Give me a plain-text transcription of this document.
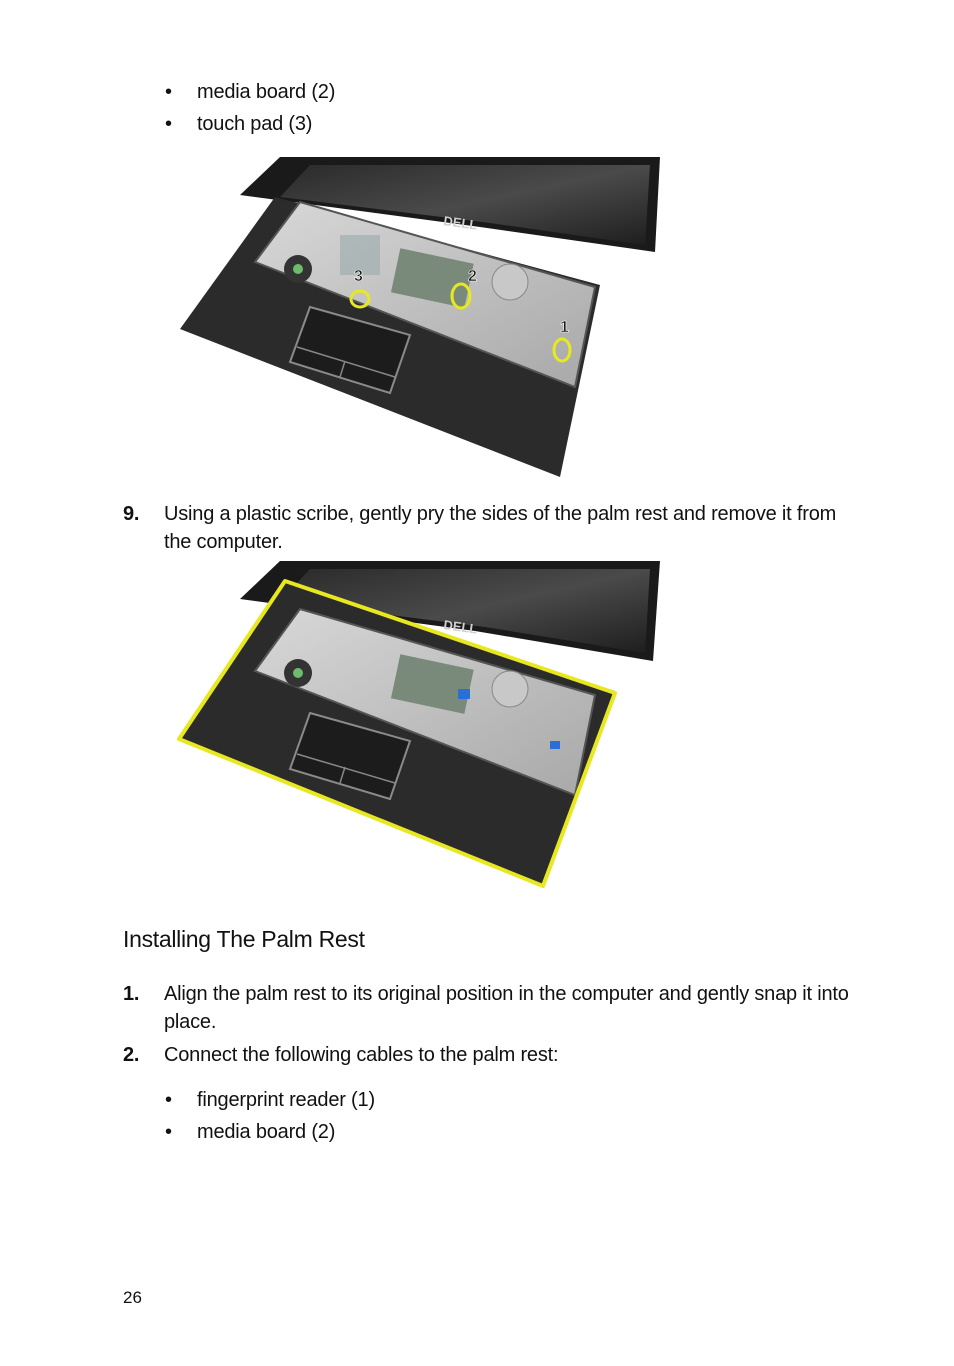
• media board (2)
• touch pad (3)
DELL
3	2
1
9. Using a plastic scribe, gently pry the sides of the palm rest and remove it from the computer.
DELL
Installing The Palm Rest
1. Align the palm rest to its original position in the computer and gently snap it into place.
2. Connect the following cables to the palm rest:
• fingerprint reader (1)
• media board (2)
26
